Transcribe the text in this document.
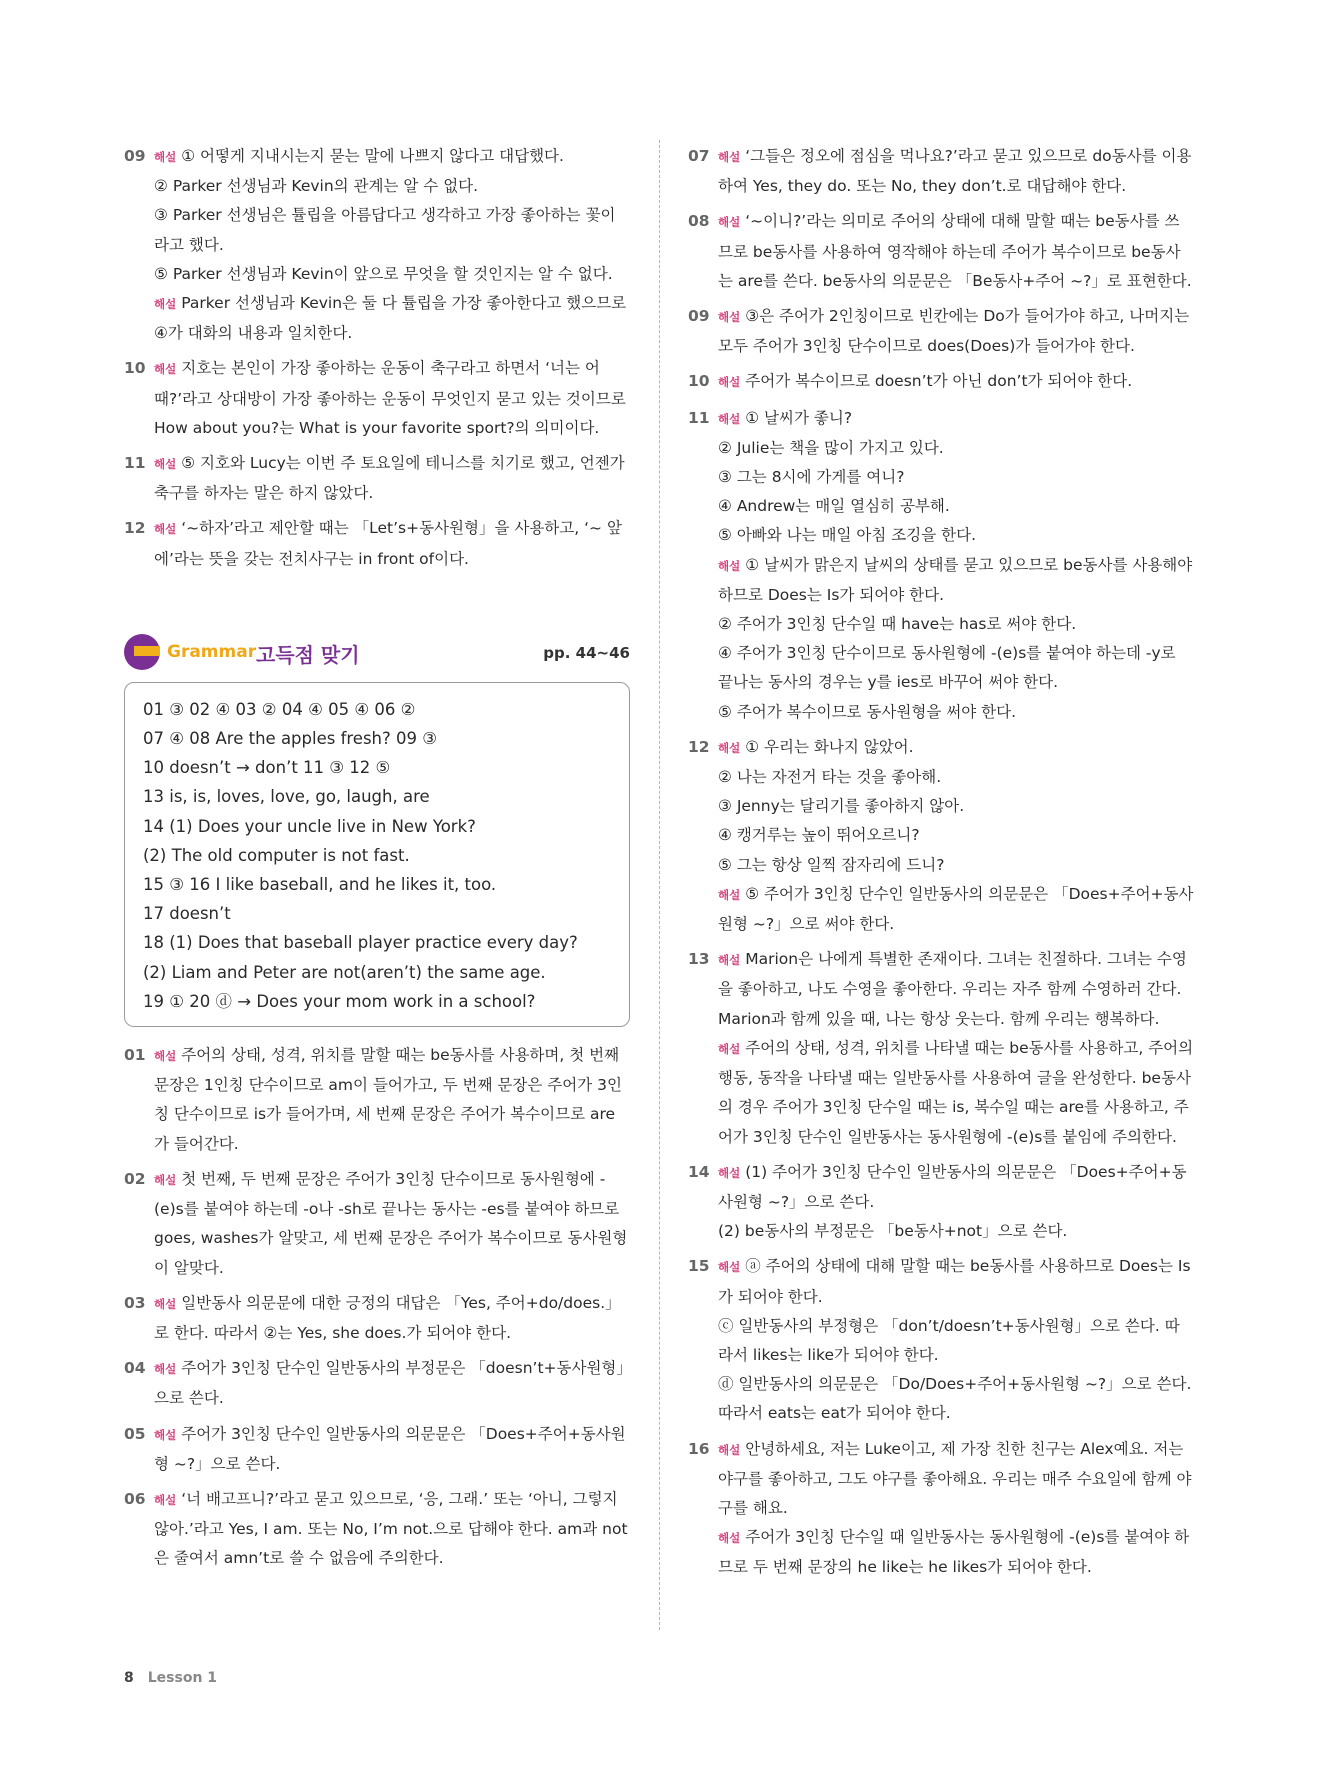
09 해설 ① 어떻게 지내시는지 묻는 말에 나쁘지 않다고 대답했다.
② Parker 선생님과 Kevin의 관계는 알 수 없다.
③ Parker 선생님은 튤립을 아름답다고 생각하고 가장 좋아하는 꽃이라고 했다.
⑤ Parker 선생님과 Kevin이 앞으로 무엇을 할 것인지는 알 수 없다.
해설 Parker 선생님과 Kevin은 둘 다 튤립을 가장 좋아한다고 했으므로 ④가 대화의 내용과 일치한다.
10 해설 지호는 본인이 가장 좋아하는 운동이 축구라고 하면서 ‘너는 어때?’라고 상대방이 가장 좋아하는 운동이 무엇인지 묻고 있는 것이므로 How about you?는 What is your favorite sport?의 의미이다.
11 해설 ⑤ 지호와 Lucy는 이번 주 토요일에 테니스를 치기로 했고, 언젠가 축구를 하자는 말은 하지 않았다.
12 해설 ‘~하자’라고 제안할 때는 「Let’s+동사원형」을 사용하고, ‘~ 앞에’라는 뜻을 갖는 전치사구는 in front of이다.
Grammar 고득점 맞기	pp. 44~46
01 ③ 02 ④ 03 ② 04 ④ 05 ④ 06 ②
07 ④ 08 Are the apples fresh? 09 ③
10 doesn’t → don’t 11 ③ 12 ⑤
13 is, is, loves, love, go, laugh, are
14 (1) Does your uncle live in New York?
(2) The old computer is not fast.
15 ③ 16 I like baseball, and he likes it, too.
17 doesn’t
18 (1) Does that baseball player practice every day?
(2) Liam and Peter are not(aren’t) the same age.
19 ① 20 ⓓ → Does your mom work in a school?
01 해설 주어의 상태, 성격, 위치를 말할 때는 be동사를 사용하며, 첫 번째 문장은 1인칭 단수이므로 am이 들어가고, 두 번째 문장은 주어가 3인칭 단수이므로 is가 들어가며, 세 번째 문장은 주어가 복수이므로 are가 들어간다.
02 해설 첫 번째, 두 번째 문장은 주어가 3인칭 단수이므로 동사원형에 -(e)s를 붙여야 하는데 -o나 -sh로 끝나는 동사는 -es를 붙여야 하므로 goes, washes가 알맞고, 세 번째 문장은 주어가 복수이므로 동사원형이 알맞다.
03 해설 일반동사 의문문에 대한 긍정의 대답은 「Yes, 주어+do/does.」로 한다. 따라서 ②는 Yes, she does.가 되어야 한다.
04 해설 주어가 3인칭 단수인 일반동사의 부정문은 「doesn’t+동사원형」으로 쓴다.
05 해설 주어가 3인칭 단수인 일반동사의 의문문은 「Does+주어+동사원형 ~?」으로 쓴다.
06 해설 ‘너 배고프니?’라고 묻고 있으므로, ‘응, 그래.’ 또는 ‘아니, 그렇지 않아.’라고 Yes, I am. 또는 No, I’m not.으로 답해야 한다. am과 not은 줄여서 amn’t로 쓸 수 없음에 주의한다.
07 해설 ‘그들은 정오에 점심을 먹나요?’라고 묻고 있으므로 do동사를 이용하여 Yes, they do. 또는 No, they don’t.로 대답해야 한다.
08 해설 ‘~이니?’라는 의미로 주어의 상태에 대해 말할 때는 be동사를 쓰므로 be동사를 사용하여 영작해야 하는데 주어가 복수이므로 be동사는 are를 쓴다. be동사의 의문문은 「Be동사+주어 ~?」로 표현한다.
09 해설 ③은 주어가 2인칭이므로 빈칸에는 Do가 들어가야 하고, 나머지는 모두 주어가 3인칭 단수이므로 does(Does)가 들어가야 한다.
10 해설 주어가 복수이므로 doesn’t가 아닌 don’t가 되어야 한다.
11 해설 ① 날씨가 좋니?
② Julie는 책을 많이 가지고 있다.
③ 그는 8시에 가게를 여니?
④ Andrew는 매일 열심히 공부해.
⑤ 아빠와 나는 매일 아침 조깅을 한다.
해설 ① 날씨가 맑은지 날씨의 상태를 묻고 있으므로 be동사를 사용해야 하므로 Does는 Is가 되어야 한다.
② 주어가 3인칭 단수일 때 have는 has로 써야 한다.
④ 주어가 3인칭 단수이므로 동사원형에 -(e)s를 붙여야 하는데 -y로 끝나는 동사의 경우는 y를 ies로 바꾸어 써야 한다.
⑤ 주어가 복수이므로 동사원형을 써야 한다.
12 해설 ① 우리는 화나지 않았어.
② 나는 자전거 타는 것을 좋아해.
③ Jenny는 달리기를 좋아하지 않아.
④ 캥거루는 높이 뛰어오르니?
⑤ 그는 항상 일찍 잠자리에 드니?
해설 ⑤ 주어가 3인칭 단수인 일반동사의 의문문은 「Does+주어+동사원형 ~?」으로 써야 한다.
13 해설 Marion은 나에게 특별한 존재이다. 그녀는 친절하다. 그녀는 수영을 좋아하고, 나도 수영을 좋아한다. 우리는 자주 함께 수영하러 간다. Marion과 함께 있을 때, 나는 항상 웃는다. 함께 우리는 행복하다.
해설 주어의 상태, 성격, 위치를 나타낼 때는 be동사를 사용하고, 주어의 행동, 동작을 나타낼 때는 일반동사를 사용하여 글을 완성한다. be동사의 경우 주어가 3인칭 단수일 때는 is, 복수일 때는 are를 사용하고, 주어가 3인칭 단수인 일반동사는 동사원형에 -(e)s를 붙임에 주의한다.
14 해설 (1) 주어가 3인칭 단수인 일반동사의 의문문은 「Does+주어+동사원형 ~?」으로 쓴다.
(2) be동사의 부정문은 「be동사+not」으로 쓴다.
15 해설 ⓐ 주어의 상태에 대해 말할 때는 be동사를 사용하므로 Does는 Is가 되어야 한다.
ⓒ 일반동사의 부정형은 「don’t/doesn’t+동사원형」으로 쓴다. 따라서 likes는 like가 되어야 한다.
ⓓ 일반동사의 의문문은 「Do/Does+주어+동사원형 ~?」으로 쓴다. 따라서 eats는 eat가 되어야 한다.
16 해설 안녕하세요, 저는 Luke이고, 제 가장 친한 친구는 Alex예요. 저는 야구를 좋아하고, 그도 야구를 좋아해요. 우리는 매주 수요일에 함께 야구를 해요.
해설 주어가 3인칭 단수일 때 일반동사는 동사원형에 -(e)s를 붙여야 하므로 두 번째 문장의 he like는 he likes가 되어야 한다.
8 Lesson 1
